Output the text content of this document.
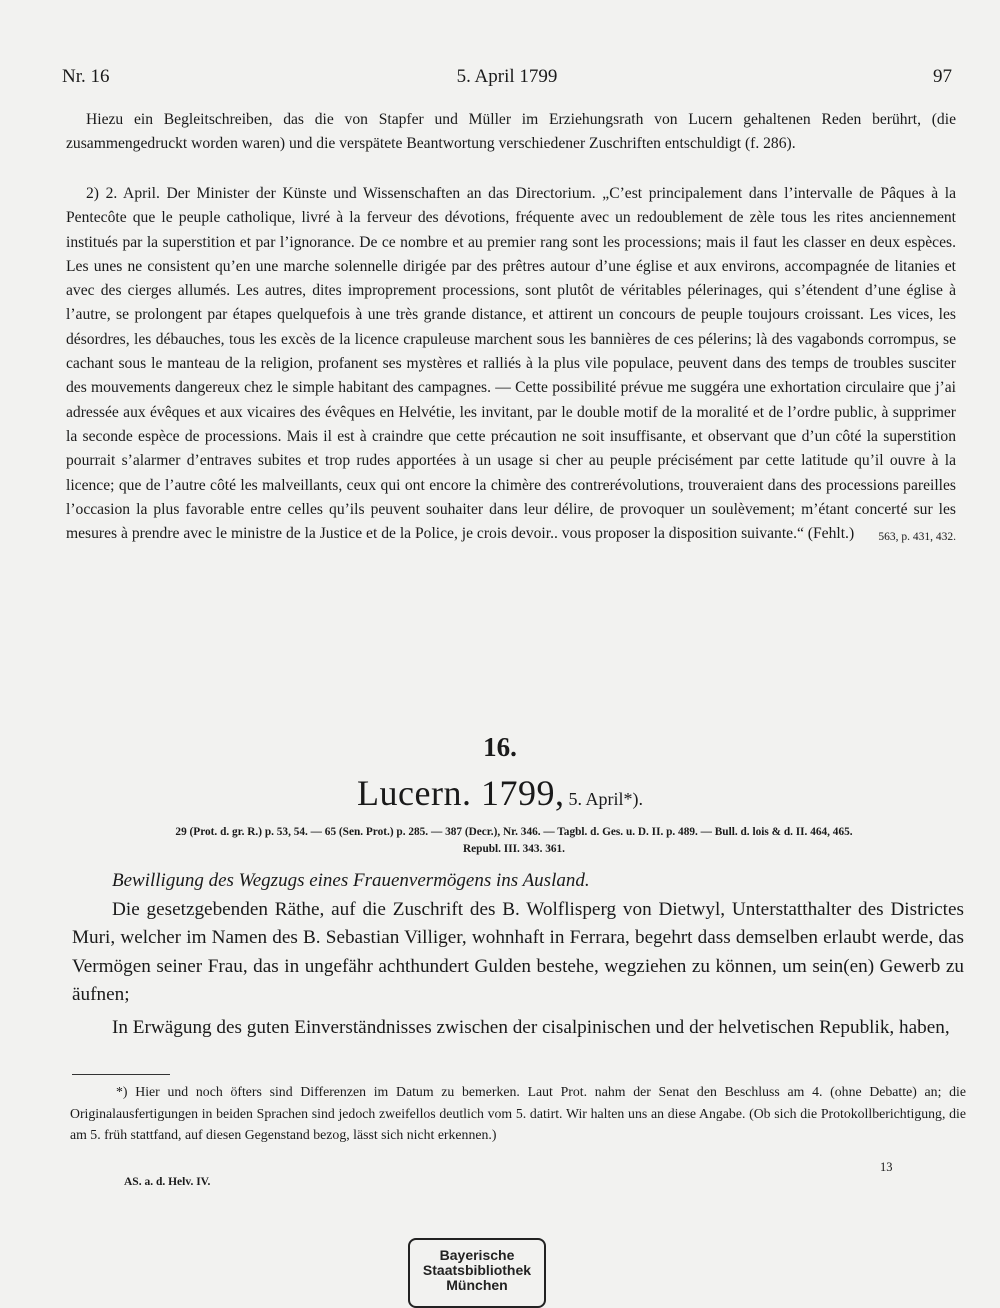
Nr. 16	5. April 1799	97

Hiezu ein Begleitschreiben, das die von Stapfer und Müller im Erziehungsrath von Lucern gehaltenen Reden berührt, (die zusammengedruckt worden waren) und die verspätete Beantwortung verschiedener Zuschriften entschuldigt (f. 286).

2) 2. April. Der Minister der Künste und Wissenschaften an das Directorium. „C’est principalement dans l’intervalle de Pâques à la Pentecôte que le peuple catholique, livré à la ferveur des dévotions, fréquente avec un redoublement de zèle tous les rites anciennement institués par la superstition et par l’ignorance. De ce nombre et au premier rang sont les processions; mais il faut les classer en deux espèces. Les unes ne consistent qu’en une marche solennelle dirigée par des prêtres autour d’une église et aux environs, accompagnée de litanies et avec des cierges allumés. Les autres, dites improprement processions, sont plutôt de véritables pélerinages, qui s’étendent d’une église à l’autre, se prolongent par étapes quelquefois à une très grande distance, et attirent un concours de peuple toujours croissant. Les vices, les désordres, les débauches, tous les excès de la licence crapuleuse marchent sous les bannières de ces pélerins; là des vagabonds corrompus, se cachant sous le manteau de la religion, profanent ses mystères et ralliés à la plus vile populace, peuvent dans des temps de troubles susciter des mouvements dangereux chez le simple habitant des campagnes. — Cette possibilité prévue me suggéra une exhortation circulaire que j’ai adressée aux évêques et aux vicaires des évêques en Helvétie, les invitant, par le double motif de la moralité et de l’ordre public, à supprimer la seconde espèce de processions. Mais il est à craindre que cette précaution ne soit insuffisante, et observant que d’un côté la superstition pourrait s’alarmer d’entraves subites et trop rudes apportées à un usage si cher au peuple précisément par cette latitude qu’il ouvre à la licence; que de l’autre côté les malveillants, ceux qui ont encore la chimère des contrerévolutions, trouveraient dans des processions pareilles l’occasion la plus favorable entre celles qu’ils peuvent souhaiter dans leur délire, de provoquer un soulèvement; m’étant concerté sur les mesures à prendre avec le ministre de la Justice et de la Police, je crois devoir.. vous proposer la disposition suivante.“ (Fehlt.)	563, p. 431, 432.
16.
Lucern. 1799, 5. April*).
29 (Prot. d. gr. R.) p. 53, 54. — 65 (Sen. Prot.) p. 285. — 387 (Decr.), Nr. 346. — Tagbl. d. Ges. u. D. II. p. 489. — Bull. d. lois & d. II. 464, 465.
Republ. III. 343. 361.
Bewilligung des Wegzugs eines Frauenvermögens ins Ausland.

Die gesetzgebenden Räthe, auf die Zuschrift des B. Wolflisperg von Dietwyl, Unterstatthalter des Districtes Muri, welcher im Namen des B. Sebastian Villiger, wohnhaft in Ferrara, begehrt dass demselben erlaubt werde, das Vermögen seiner Frau, das in ungefähr achthundert Gulden bestehe, wegziehen zu können, um sein(en) Gewerb zu äufnen;

In Erwägung des guten Einverständnisses zwischen der cisalpinischen und der helvetischen Republik, haben,

*) Hier und noch öfters sind Differenzen im Datum zu bemerken. Laut Prot. nahm der Senat den Beschluss am 4. (ohne Debatte) an; die Originalausfertigungen in beiden Sprachen sind jedoch zweifellos deutlich vom 5. datirt. Wir halten uns an diese Angabe. (Ob sich die Protokollberichtigung, die am 5. früh stattfand, auf diesen Gegenstand bezog, lässt sich nicht erkennen.)

13
AS. a. d. Helv. IV.
Bayerische
Staatsbibliothek
München
